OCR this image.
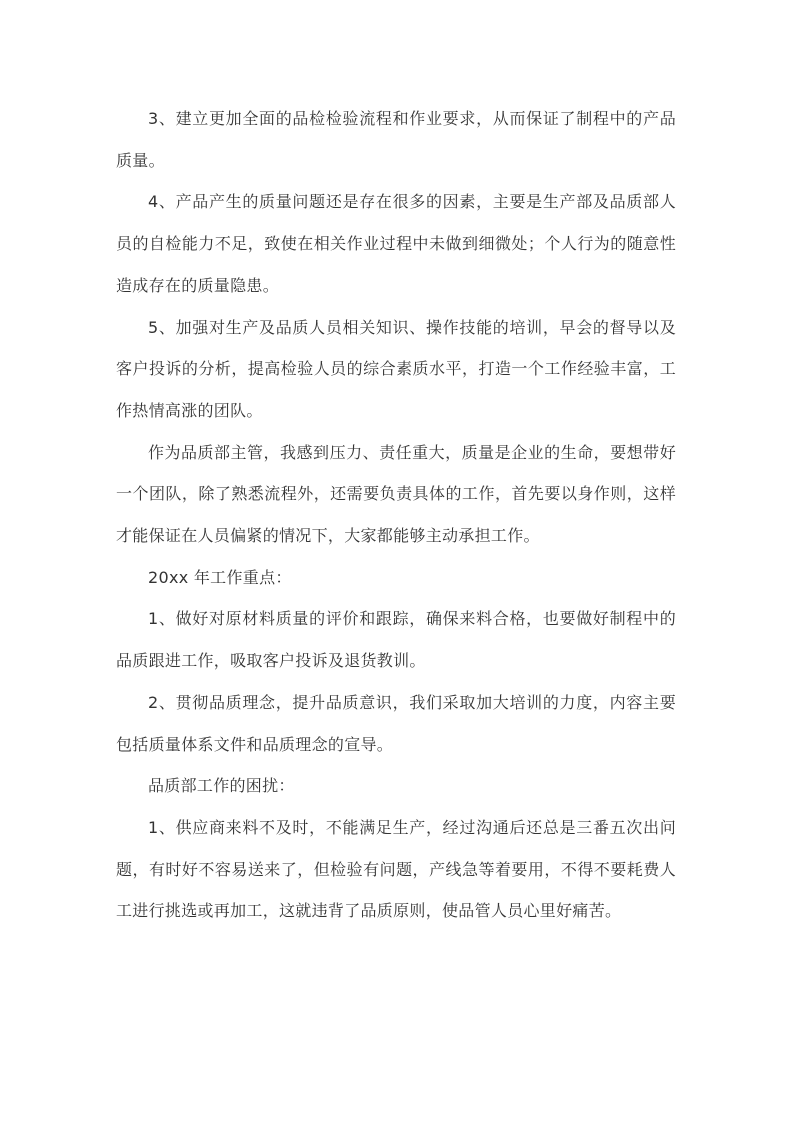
3、建立更加全面的品检检验流程和作业要求，从而保证了制程中的产品质量。

4、产品产生的质量问题还是存在很多的因素，主要是生产部及品质部人员的自检能力不足，致使在相关作业过程中未做到细微处；个人行为的随意性造成存在的质量隐患。

5、加强对生产及品质人员相关知识、操作技能的培训，早会的督导以及客户投诉的分析，提高检验人员的综合素质水平，打造一个工作经验丰富，工作热情高涨的团队。

作为品质部主管，我感到压力、责任重大，质量是企业的生命，要想带好一个团队，除了熟悉流程外，还需要负责具体的工作，首先要以身作则，这样才能保证在人员偏紧的情况下，大家都能够主动承担工作。

20xx 年工作重点：

1、做好对原材料质量的评价和跟踪，确保来料合格，也要做好制程中的品质跟进工作，吸取客户投诉及退货教训。

2、贯彻品质理念，提升品质意识，我们采取加大培训的力度，内容主要包括质量体系文件和品质理念的宣导。

品质部工作的困扰：

1、供应商来料不及时，不能满足生产，经过沟通后还总是三番五次出问题，有时好不容易送来了，但检验有问题，产线急等着要用，不得不要耗费人工进行挑选或再加工，这就违背了品质原则，使品管人员心里好痛苦。
